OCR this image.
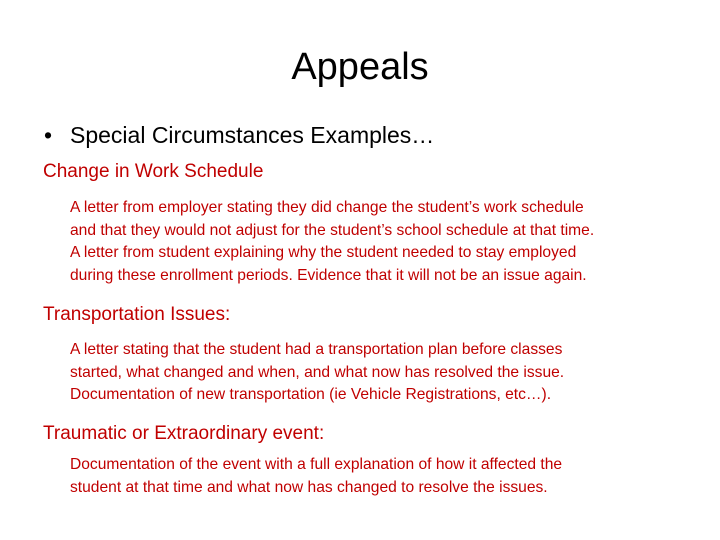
Appeals
• Special Circumstances Examples…
Change in Work Schedule
A letter from employer stating they did change the student’s work schedule
and that they would not adjust for the student’s school schedule at that time.
A letter from student explaining why the student needed to stay employed
during these enrollment periods. Evidence that it will not be an issue again.
Transportation Issues:
A letter stating that the student had a transportation plan before classes
started, what changed and when, and what now has resolved the issue.
Documentation of new transportation (ie Vehicle Registrations, etc…).
Traumatic or Extraordinary event:
Documentation of the event with a full explanation of how it affected the
student at that time and what now has changed to resolve the issues.
